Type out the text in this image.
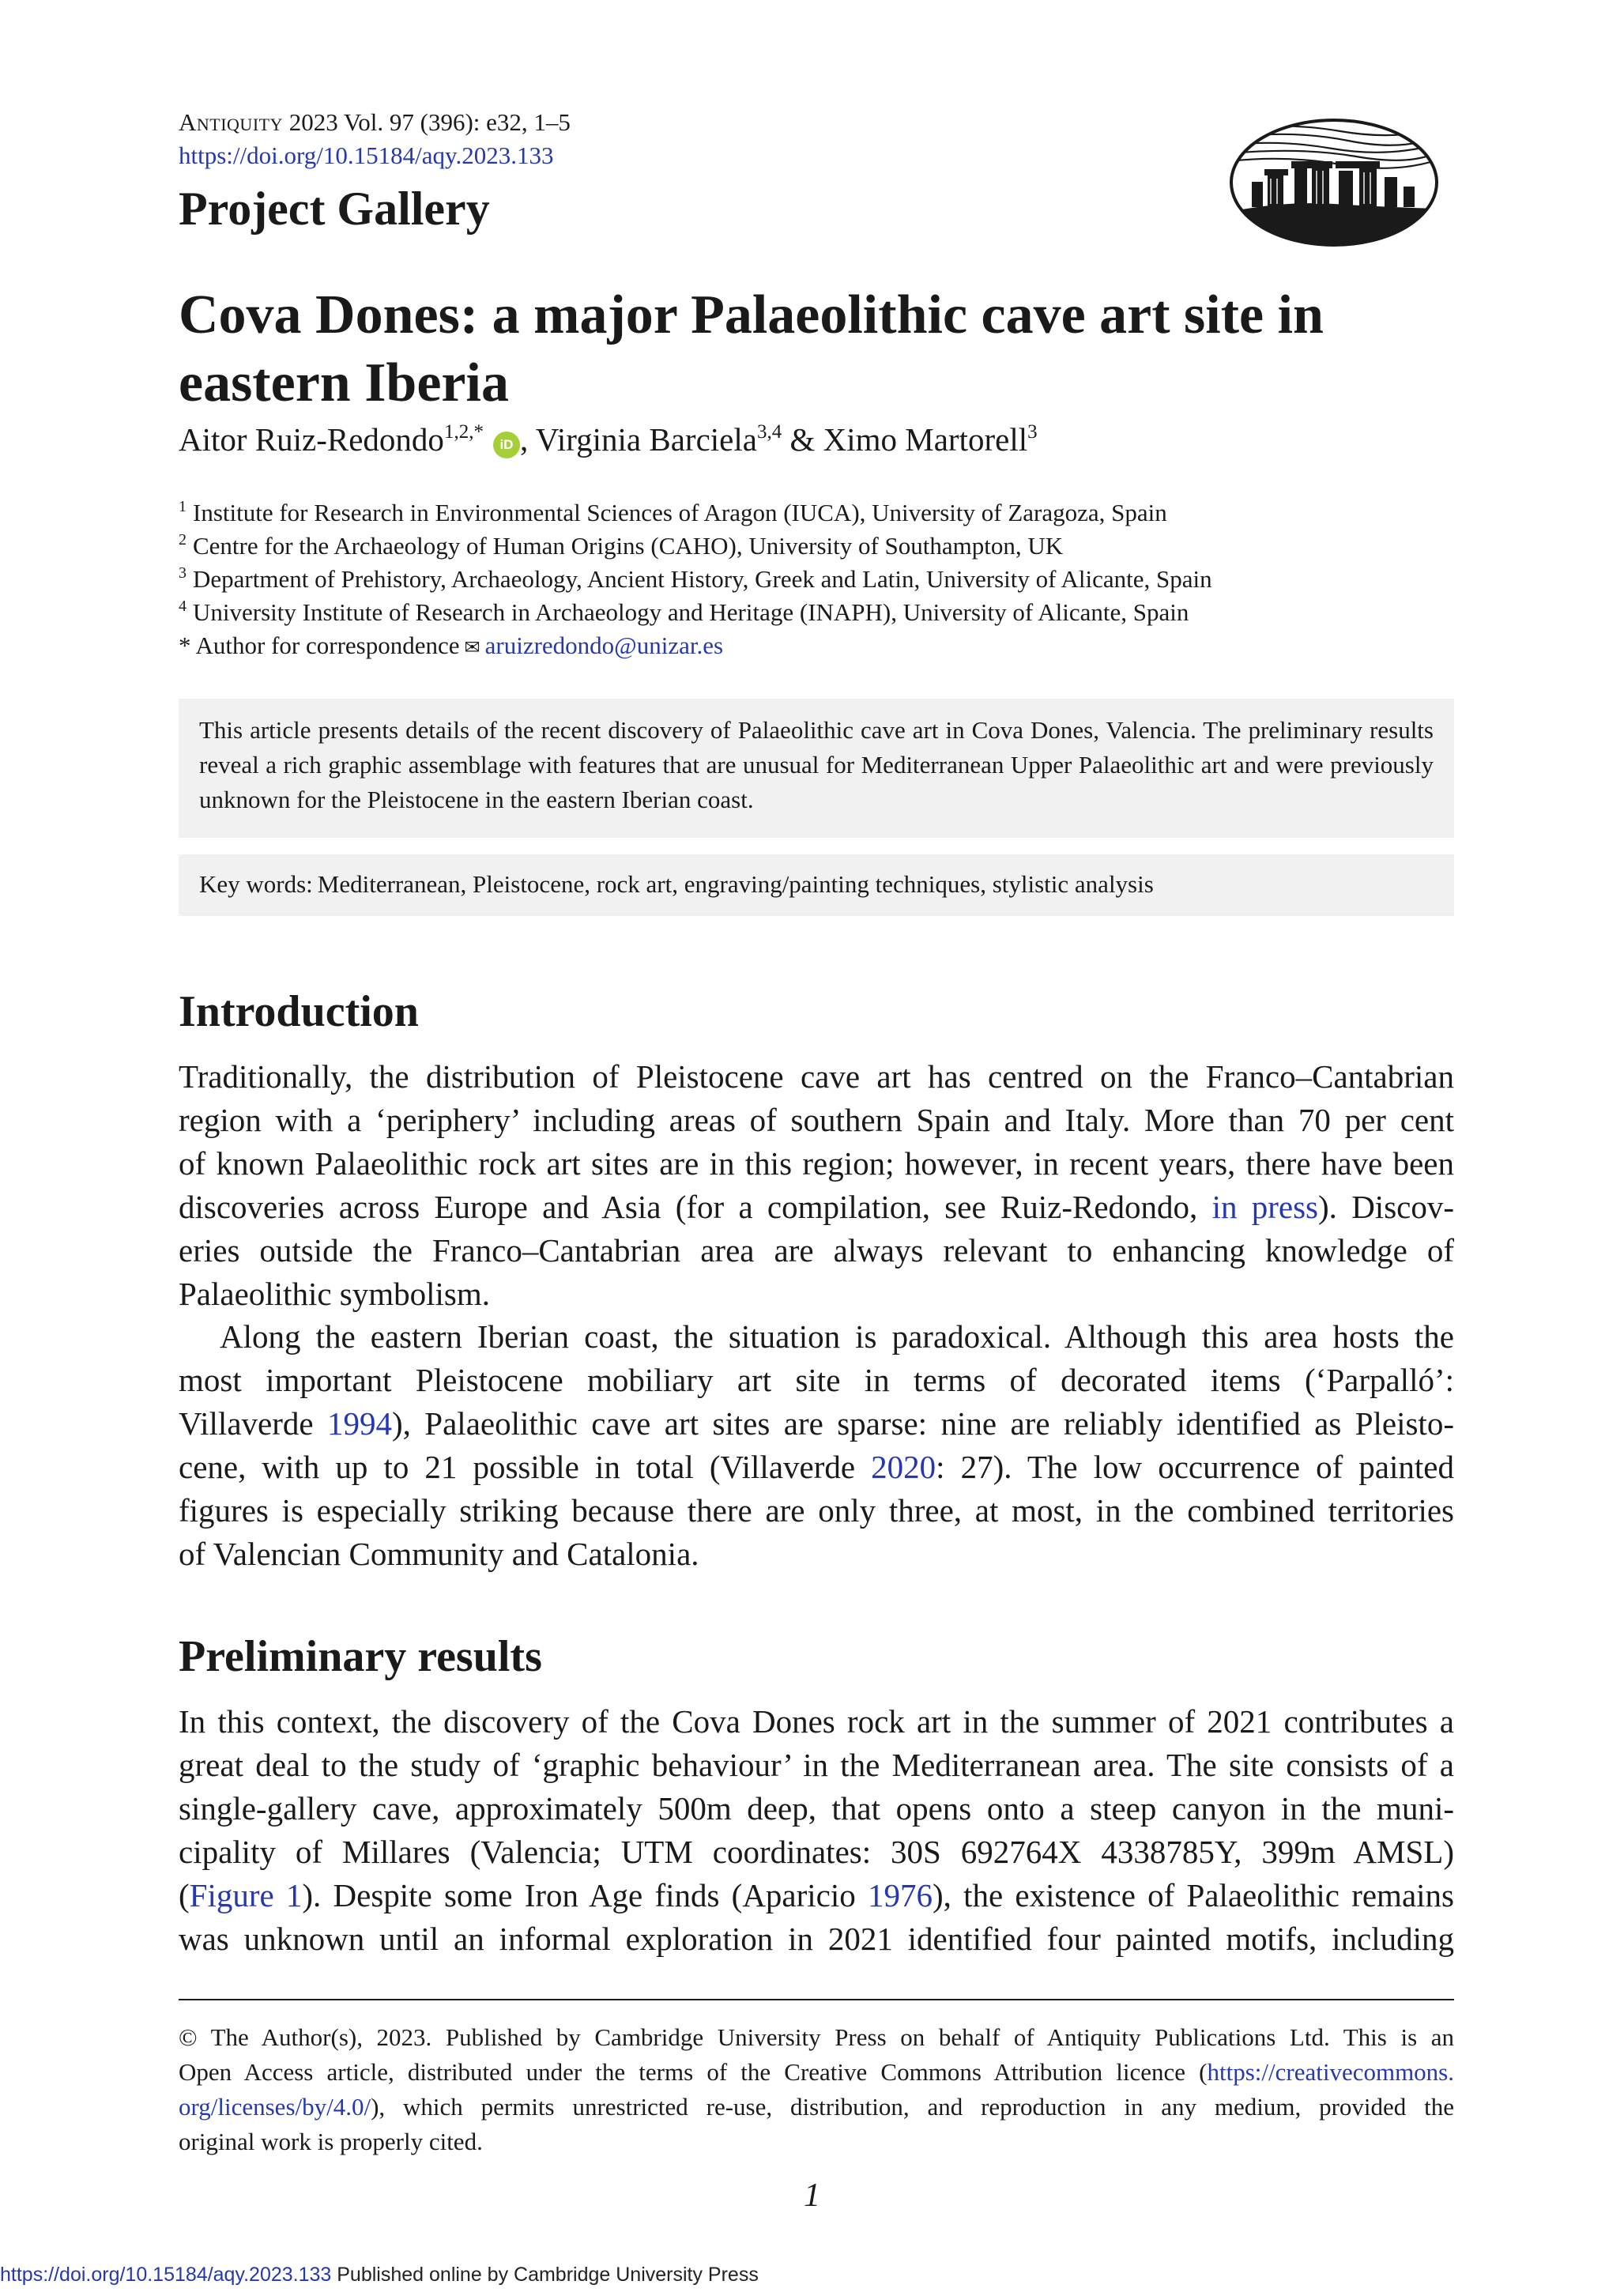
Antiquity 2023 Vol. 97 (396): e32, 1–5
https://doi.org/10.15184/aqy.2023.133
Project Gallery
Cova Dones: a major Palaeolithic cave art site in eastern Iberia
Aitor Ruiz-Redondo$^{1,2,*}$iD , Virginia Barciela$^{3,4}$ & Ximo Martorell$^3$
$^1$ Institute for Research in Environmental Sciences of Aragon (IUCA), University of Zaragoza, Spain
$^2$ Centre for the Archaeology of Human Origins (CAHO), University of Southampton, UK
$^3$ Department of Prehistory, Archaeology, Ancient History, Greek and Latin, University of Alicante, Spain
$^4$ University Institute of Research in Archaeology and Heritage (INAPH), University of Alicante, Spain
* Author for correspondence ✉ aruizredondo@unizar.es
This article presents details of the recent discovery of Palaeolithic cave art in Cova Dones, Valencia. The preliminary results reveal a rich graphic assemblage with features that are unusual for Mediterranean Upper Palaeolithic art and were previously unknown for the Pleistocene in the eastern Iberian coast.
Key words: Mediterranean, Pleistocene, rock art, engraving/painting techniques, stylistic analysis
Introduction
Traditionally, the distribution of Pleistocene cave art has centred on the Franco–Cantabrian
region with a ‘periphery’ including areas of southern Spain and Italy. More than 70 per cent
of known Palaeolithic rock art sites are in this region; however, in recent years, there have been
discoveries across Europe and Asia (for a compilation, see Ruiz-Redondo, in press). Discov-
eries outside the Franco–Cantabrian area are always relevant to enhancing knowledge of
Palaeolithic symbolism.
Along the eastern Iberian coast, the situation is paradoxical. Although this area hosts the
most important Pleistocene mobiliary art site in terms of decorated items (‘Parpalló’:
Villaverde 1994), Palaeolithic cave art sites are sparse: nine are reliably identified as Pleisto-
cene, with up to 21 possible in total (Villaverde 2020: 27). The low occurrence of painted
figures is especially striking because there are only three, at most, in the combined territories
of Valencian Community and Catalonia.
Preliminary results
In this context, the discovery of the Cova Dones rock art in the summer of 2021 contributes a
great deal to the study of ‘graphic behaviour’ in the Mediterranean area. The site consists of a
single-gallery cave, approximately 500m deep, that opens onto a steep canyon in the muni-
cipality of Millares (Valencia; UTM coordinates: 30S 692764X 4338785Y, 399m AMSL)
(Figure 1). Despite some Iron Age finds (Aparicio 1976), the existence of Palaeolithic remains
was unknown until an informal exploration in 2021 identified four painted motifs, including
© The Author(s), 2023. Published by Cambridge University Press on behalf of Antiquity Publications Ltd. This is an
Open Access article, distributed under the terms of the Creative Commons Attribution licence (https://creativecommons.
org/licenses/by/4.0/), which permits unrestricted re-use, distribution, and reproduction in any medium, provided the
original work is properly cited.
1
https://doi.org/10.15184/aqy.2023.133 Published online by Cambridge University Press
